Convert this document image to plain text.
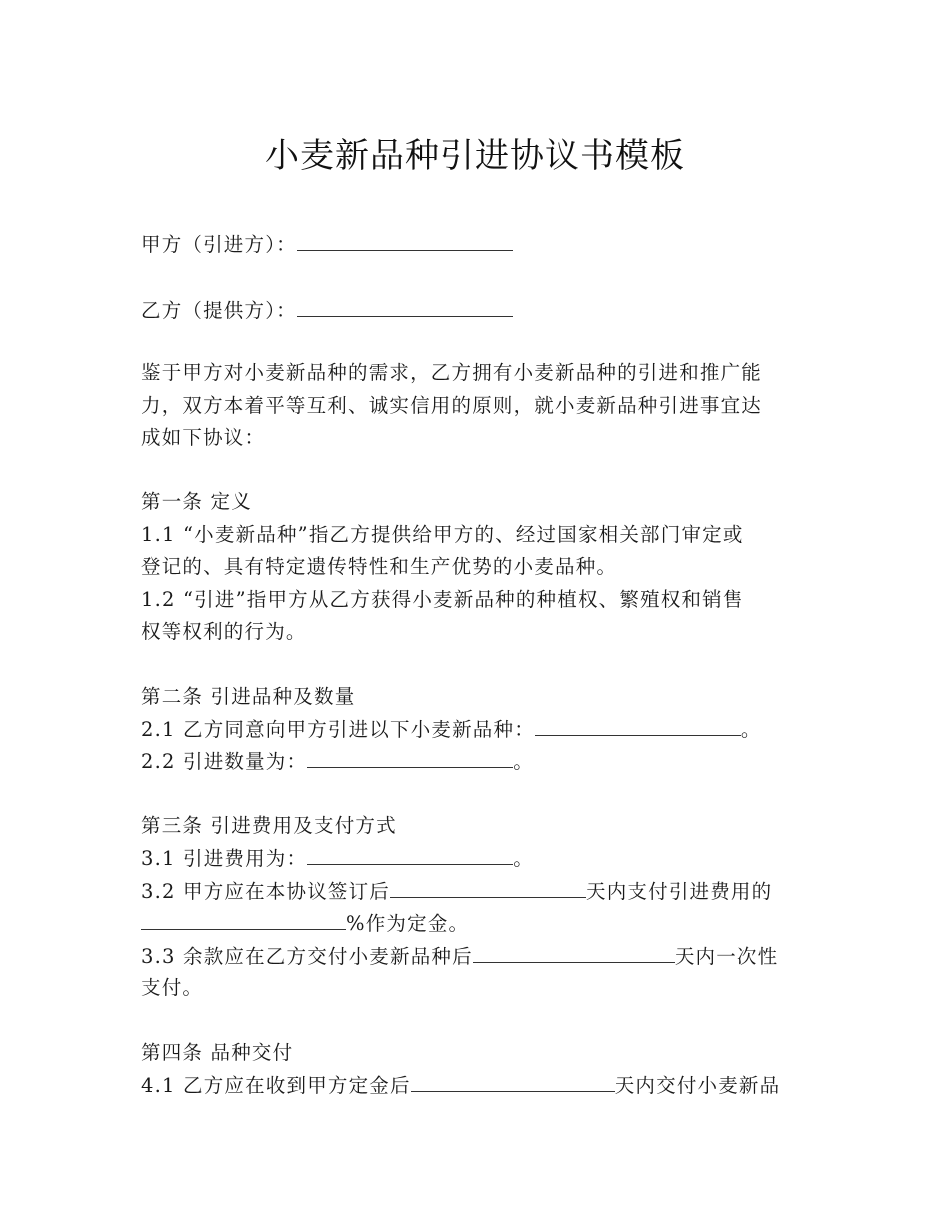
小麦新品种引进协议书模板
甲方（引进方）：
乙方（提供方）：
鉴于甲方对小麦新品种的需求，乙方拥有小麦新品种的引进和推广能
力，双方本着平等互利、诚实信用的原则，就小麦新品种引进事宜达
成如下协议：
第一条 定义
1.1 “小麦新品种”指乙方提供给甲方的、经过国家相关部门审定或
登记的、具有特定遗传特性和生产优势的小麦品种。
1.2 “引进”指甲方从乙方获得小麦新品种的种植权、繁殖权和销售
权等权利的行为。
第二条 引进品种及数量
2.1 乙方同意向甲方引进以下小麦新品种：	。
2.2 引进数量为：	。
第三条 引进费用及支付方式
3.1 引进费用为：	。
3.2 甲方应在本协议签订后	天内支付引进费用的
%作为定金。
3.3 余款应在乙方交付小麦新品种后	天内一次性
支付。
第四条 品种交付
4.1 乙方应在收到甲方定金后	天内交付小麦新品
